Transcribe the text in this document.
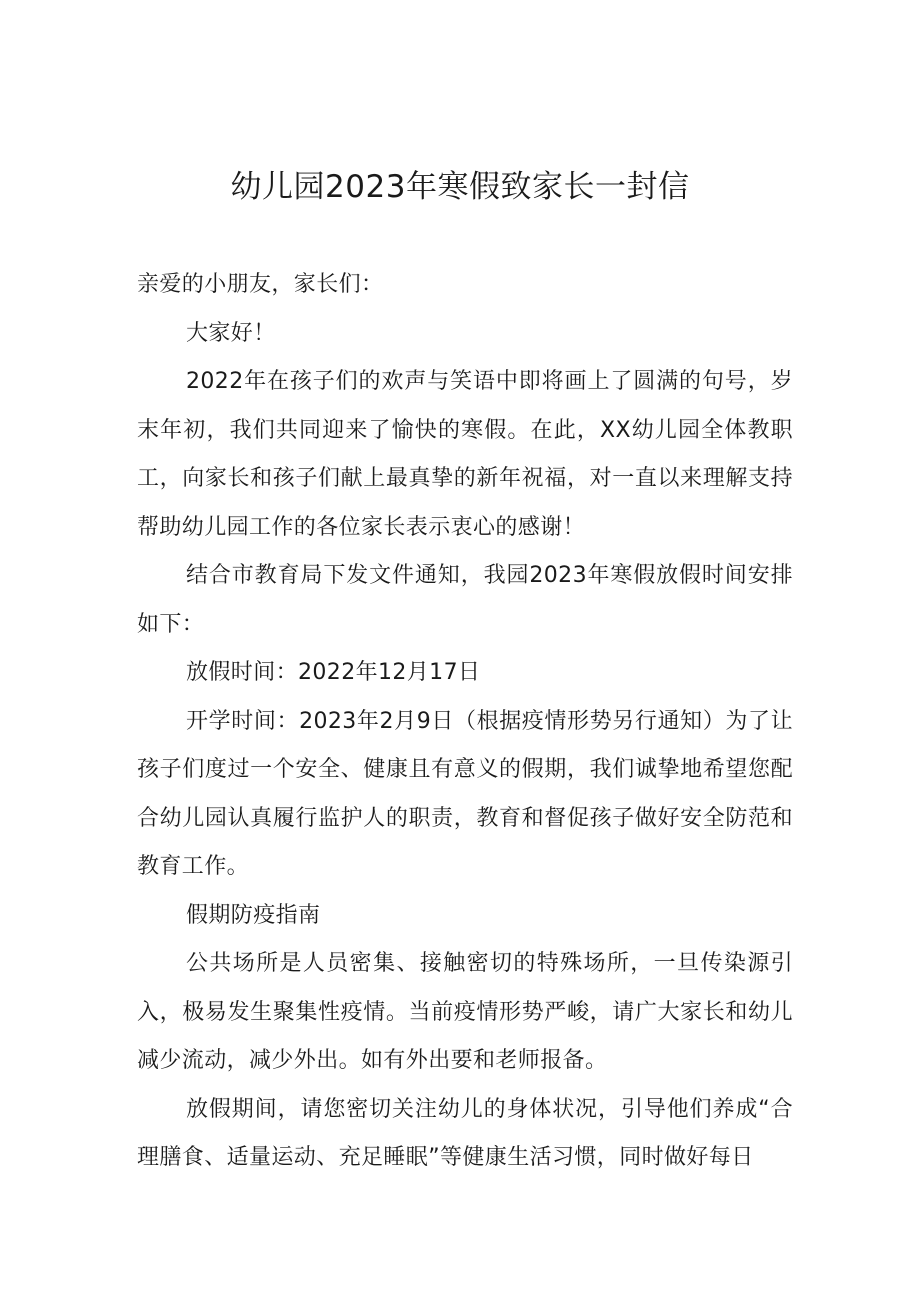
幼儿园2023年寒假致家长一封信

亲爱的小朋友，家长们：

大家好！

2022年在孩子们的欢声与笑语中即将画上了圆满的句号，岁末年初，我们共同迎来了愉快的寒假。在此，XX幼儿园全体教职工，向家长和孩子们献上最真挚的新年祝福，对一直以来理解支持帮助幼儿园工作的各位家长表示衷心的感谢！

结合市教育局下发文件通知，我园2023年寒假放假时间安排如下：

放假时间：2022年12月17日

开学时间：2023年2月9日（根据疫情形势另行通知）为了让孩子们度过一个安全、健康且有意义的假期，我们诚挚地希望您配合幼儿园认真履行监护人的职责，教育和督促孩子做好安全防范和教育工作。

假期防疫指南

公共场所是人员密集、接触密切的特殊场所，一旦传染源引入，极易发生聚集性疫情。当前疫情形势严峻，请广大家长和幼儿减少流动，减少外出。如有外出要和老师报备。

放假期间，请您密切关注幼儿的身体状况，引导他们养成“合理膳食、适量运动、充足睡眠”等健康生活习惯，同时做好每日
